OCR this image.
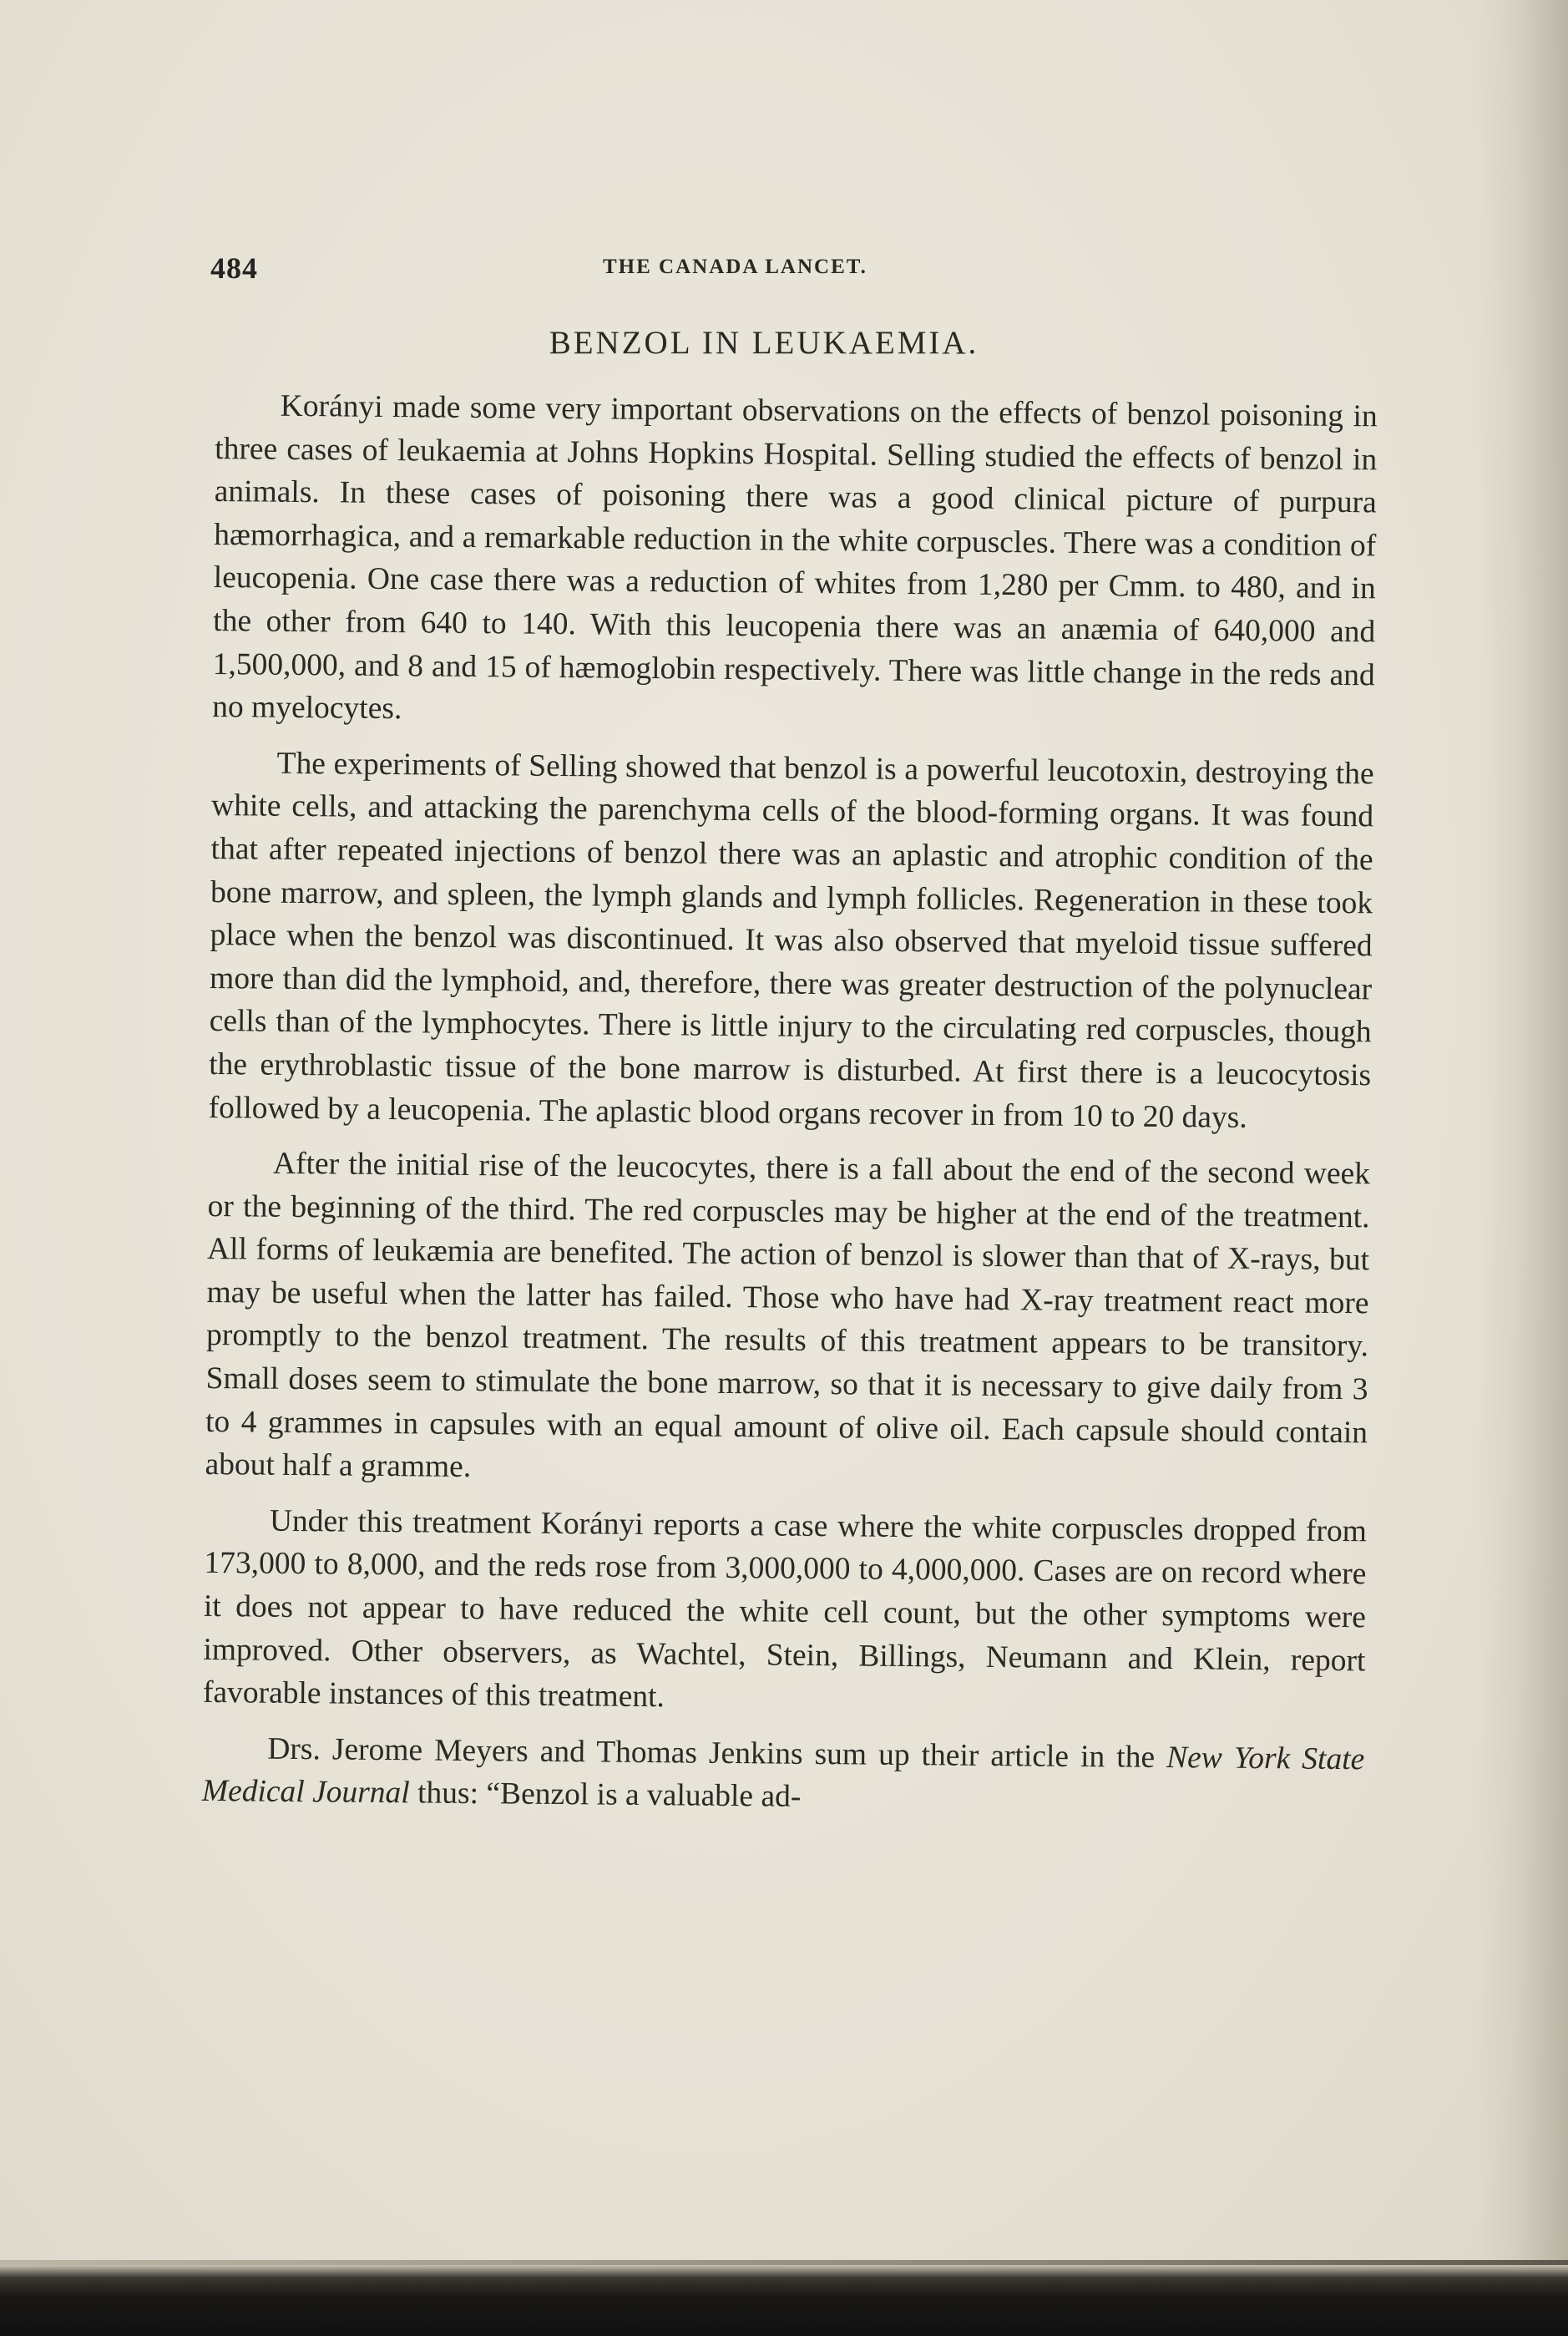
484	THE CANADA LANCET.
BENZOL IN LEUKAEMIA.

Korányi made some very important observations on the effects of benzol poisoning in three cases of leukaemia at Johns Hopkins Hospital. Selling studied the effects of benzol in animals. In these cases of poisoning there was a good clinical picture of purpura hæmorrhagica, and a remarkable reduction in the white corpuscles. There was a condition of leucopenia. One case there was a reduction of whites from 1,280 per Cmm. to 480, and in the other from 640 to 140. With this leucopenia there was an anæmia of 640,000 and 1,500,000, and 8 and 15 of hæmoglobin respectively. There was little change in the reds and no myelocytes.

The experiments of Selling showed that benzol is a powerful leucotoxin, destroying the white cells, and attacking the parenchyma cells of the blood-forming organs. It was found that after repeated injections of benzol there was an aplastic and atrophic condition of the bone marrow, and spleen, the lymph glands and lymph follicles. Regeneration in these took place when the benzol was discontinued. It was also observed that myeloid tissue suffered more than did the lymphoid, and, therefore, there was greater destruction of the polynuclear cells than of the lymphocytes. There is little injury to the circulating red corpuscles, though the erythroblastic tissue of the bone marrow is disturbed. At first there is a leucocytosis followed by a leucopenia. The aplastic blood organs recover in from 10 to 20 days.

After the initial rise of the leucocytes, there is a fall about the end of the second week or the beginning of the third. The red corpuscles may be higher at the end of the treatment. All forms of leukæmia are benefited. The action of benzol is slower than that of X-rays, but may be useful when the latter has failed. Those who have had X-ray treatment react more promptly to the benzol treatment. The results of this treatment appears to be transitory. Small doses seem to stimulate the bone marrow, so that it is necessary to give daily from 3 to 4 grammes in capsules with an equal amount of olive oil. Each capsule should contain about half a gramme.

Under this treatment Korányi reports a case where the white corpuscles dropped from 173,000 to 8,000, and the reds rose from 3,000,000 to 4,000,000. Cases are on record where it does not appear to have reduced the white cell count, but the other symptoms were improved. Other observers, as Wachtel, Stein, Billings, Neumann and Klein, report favorable instances of this treatment.

Drs. Jerome Meyers and Thomas Jenkins sum up their article in the New York State Medical Journal thus: “Benzol is a valuable ad-
